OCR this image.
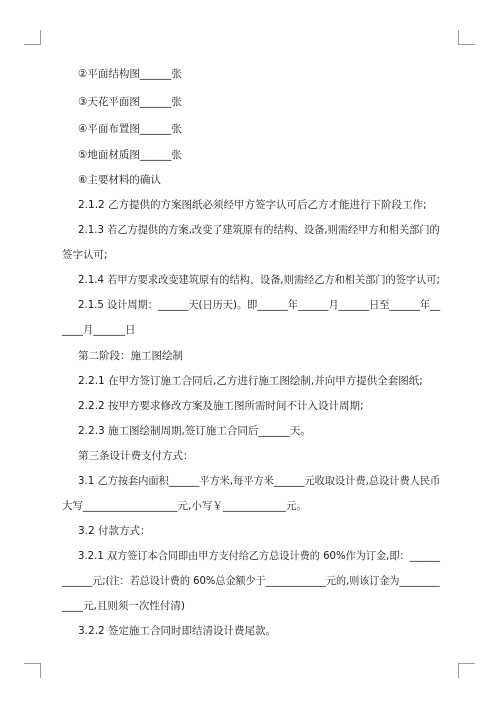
②平面结构图______张
③天花平面图______张
④平面布置图______张
⑤地面材质图______张
⑥主要材料的确认
2.1.2 乙方提供的方案图纸必须经甲方签字认可后乙方才能进行下阶段工作;
2.1.3 若乙方提供的方案,改变了建筑原有的结构、设备,则需经甲方和相关部门的
签字认可;
2.1.4 若甲方要求改变建筑原有的结构、设备,则需经乙方和相关部门的签字认可;
2.1.5 设计周期：______天(日历天)。即______年______月______日至______年__
____月______日
第二阶段：施工图绘制
2.2.1 在甲方签订施工合同后,乙方进行施工图绘制,并向甲方提供全套图纸;
2.2.2 按甲方要求修改方案及施工图所需时间不计入设计周期;
2.2.3 施工图绘制周期,签订施工合同后______天。
第三条设计费支付方式：
3.1 乙方按套内面积______平方米,每平方米______元收取设计费,总设计费人民币
大写__________________元,小写￥____________元。
3.2 付款方式：
3.2.1 双方签订本合同即由甲方支付给乙方总设计费的 60%作为订金,即：______
______元;(注：若总设计费的 60%总金额少于____________元的,则该订金为________
____元,且则须一次性付清)
3.2.2 签定施工合同时即结清设计费尾款。
